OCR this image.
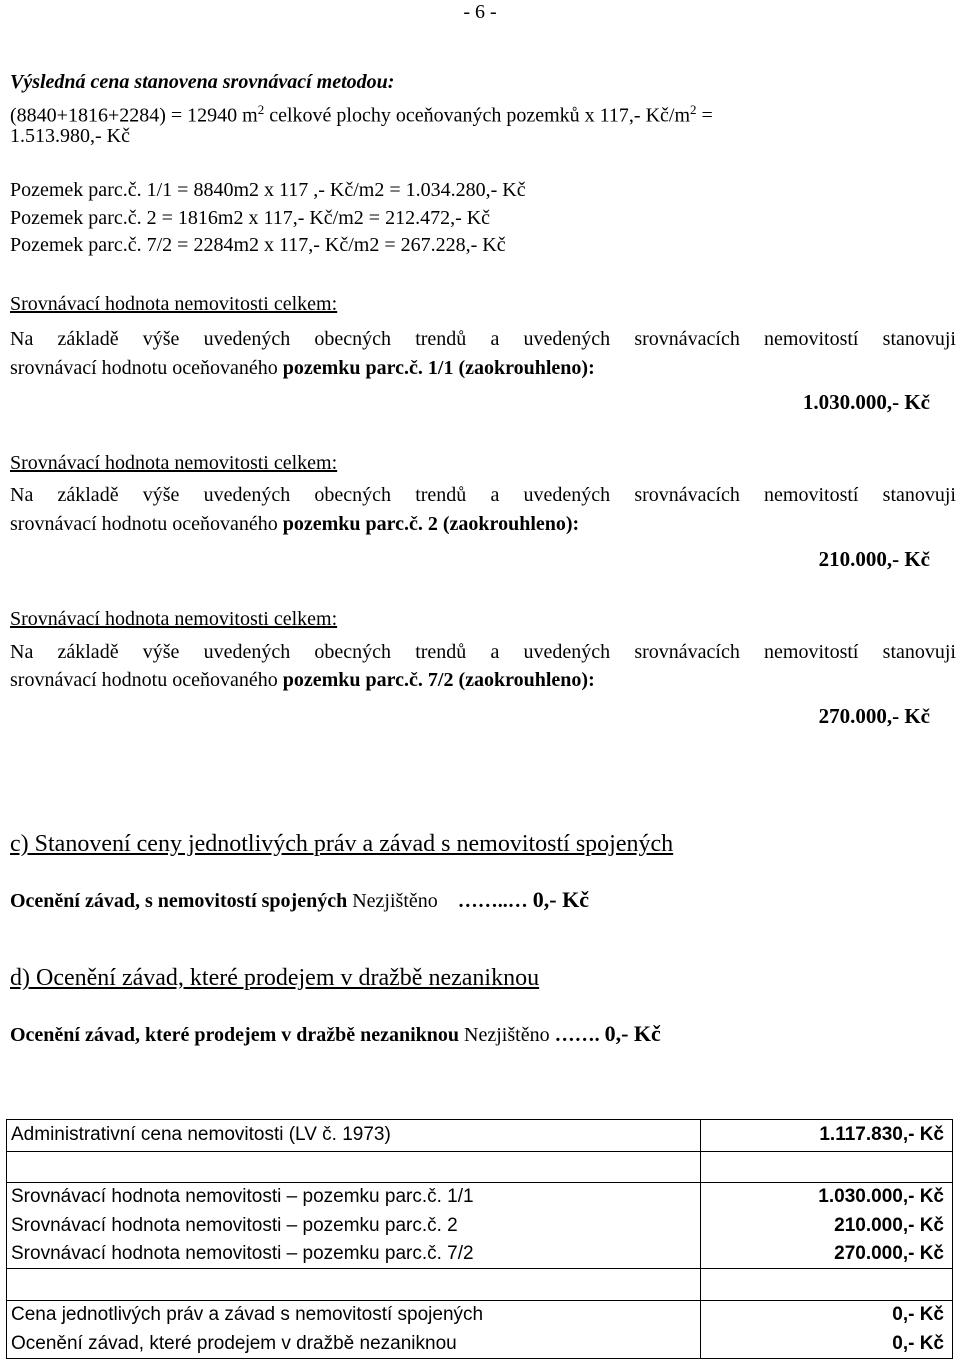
- 6 -
Výsledná cena stanovena srovnávací metodou:
(8840+1816+2284) = 12940 $m^2$ celkové plochy oceňovaných pozemků x 117,- $Kč/m^2$ =
1.513.980,- Kč
Pozemek parc.č. 1/1 = 8840m2 x 117 ,- Kč/m2 = 1.034.280,- Kč
Pozemek parc.č. 2 = 1816m2 x 117,- Kč/m2 = 212.472,- Kč
Pozemek parc.č. 7/2 = 2284m2 x 117,- Kč/m2 = 267.228,- Kč
Srovnávací hodnota nemovitosti celkem:
Na základě výše uvedených obecných trendů a uvedených srovnávacích nemovitostí stanovuji
srovnávací hodnotu oceňovaného pozemku parc.č. 1/1 (zaokrouhleno):
1.030.000,- Kč
Srovnávací hodnota nemovitosti celkem:
Na základě výše uvedených obecných trendů a uvedených srovnávacích nemovitostí stanovuji
srovnávací hodnotu oceňovaného pozemku parc.č. 2 (zaokrouhleno):
210.000,- Kč
Srovnávací hodnota nemovitosti celkem:
Na základě výše uvedených obecných trendů a uvedených srovnávacích nemovitostí stanovuji
srovnávací hodnotu oceňovaného pozemku parc.č. 7/2 (zaokrouhleno):
270.000,- Kč
c) Stanovení ceny jednotlivých práv a závad s nemovitostí spojených
Ocenění závad, s nemovitostí spojených Nezjištěno ……..… 0,- Kč
d) Ocenění závad, které prodejem v dražbě nezaniknou
Ocenění závad, které prodejem v dražbě nezaniknou Nezjištěno ……. 0,- Kč
Administrativní cena nemovitosti (LV č. 1973)	1.117.830,- Kč

Srovnávací hodnota nemovitosti – pozemku parc.č. 1/1	1.030.000,- Kč
Srovnávací hodnota nemovitosti – pozemku parc.č. 2	210.000,- Kč
Srovnávací hodnota nemovitosti – pozemku parc.č. 7/2	270.000,- Kč

Cena jednotlivých práv a závad s nemovitostí spojených	0,- Kč
Ocenění závad, které prodejem v dražbě nezaniknou	0,- Kč
